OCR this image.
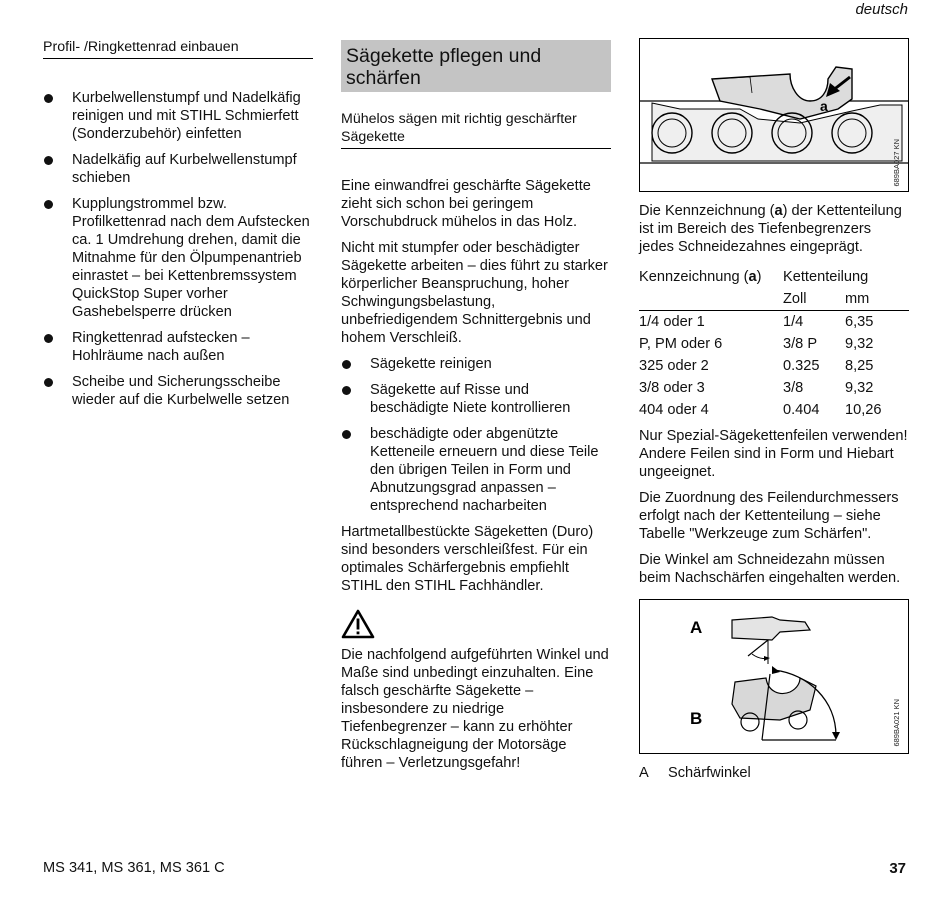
deutsch
Profil- /Ringkettenrad einbauen
Kurbelwellenstumpf und Nadelkäfig reinigen und mit STIHL Schmierfett (Sonderzubehör) einfetten
Nadelkäfig auf Kurbelwellenstumpf schieben
Kupplungstrommel bzw. Profilkettenrad nach dem Aufstecken ca. 1 Umdrehung drehen, damit die Mitnahme für den Ölpumpenantrieb einrastet – bei Kettenbremssystem QuickStop Super vorher Gashebelsperre drücken
Ringkettenrad aufstecken – Hohlräume nach außen
Scheibe und Sicherungsscheibe wieder auf die Kurbelwelle setzen
Sägekette pflegen und schärfen
Mühelos sägen mit richtig geschärfter Sägekette

Eine einwandfrei geschärfte Sägekette zieht sich schon bei geringem Vorschubdruck mühelos in das Holz.

Nicht mit stumpfer oder beschädigter Sägekette arbeiten – dies führt zu starker körperlicher Beanspruchung, hoher Schwingungsbelastung, unbefriedigendem Schnittergebnis und hohem Verschleiß.

Sägekette reinigen
Sägekette auf Risse und beschädigte Niete kontrollieren
beschädigte oder abgenützte Ketteneile erneuern und diese Teile den übrigen Teilen in Form und Abnutzungsgrad anpassen – entsprechend nacharbeiten

Hartmetallbestückte Sägeketten (Duro) sind besonders verschleißfest. Für ein optimales Schärfergebnis empfiehlt STIHL den STIHL Fachhändler.

Die nachfolgend aufgeführten Winkel und Maße sind unbedingt einzuhalten. Eine falsch geschärfte Sägekette – insbesondere zu niedrige Tiefenbegrenzer – kann zu erhöhter Rückschlagneigung der Motorsäge führen – Verletzungsgefahr!

a
689BA027 KN

Die Kennzeichnung (a) der Kettenteilung ist im Bereich des Tiefenbegrenzers jedes Schneidezahnes eingeprägt.

Kennzeichnung (a)	Kettenteilung	
	Zoll	mm
1/4 oder 1	1/4	6,35
P, PM oder 6	3/8 P	9,32
325 oder 2	0.325	8,25
3/8 oder 3	3/8	9,32
404 oder 4	0.404	10,26

Nur Spezial-Sägekettenfeilen verwenden! Andere Feilen sind in Form und Hiebart ungeeignet.

Die Zuordnung des Feilendurchmessers erfolgt nach der Kettenteilung – siehe Tabelle "Werkzeuge zum Schärfen".

Die Winkel am Schneidezahn müssen beim Nachschärfen eingehalten werden.

A
B	689BA021 KN
A Schärfwinkel
MS 341, MS 361, MS 361 C	37
